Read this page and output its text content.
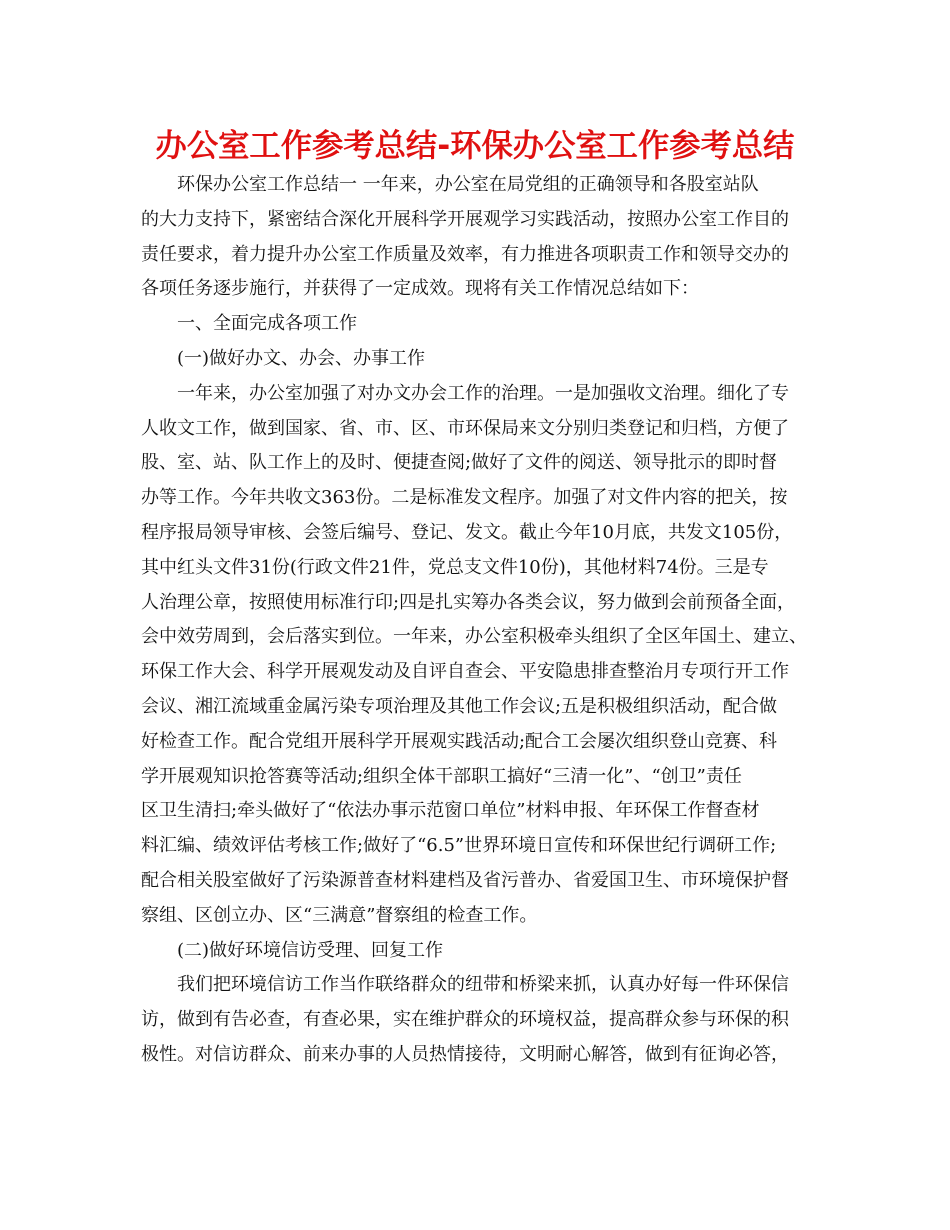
办公室工作参考总结-环保办公室工作参考总结
环保办公室工作总结一 一年来，办公室在局党组的正确领导和各股室站队
的大力支持下，紧密结合深化开展科学开展观学习实践活动，按照办公室工作目的
责任要求，着力提升办公室工作质量及效率，有力推进各项职责工作和领导交办的
各项任务逐步施行，并获得了一定成效。现将有关工作情况总结如下：
一、全面完成各项工作
(一)做好办文、办会、办事工作
一年来，办公室加强了对办文办会工作的治理。一是加强收文治理。细化了专
人收文工作，做到国家、省、市、区、市环保局来文分别归类登记和归档，方便了
股、室、站、队工作上的及时、便捷查阅;做好了文件的阅送、领导批示的即时督
办等工作。今年共收文363份。二是标准发文程序。加强了对文件内容的把关，按
程序报局领导审核、会签后编号、登记、发文。截止今年10月底，共发文105份，
其中红头文件31份(行政文件21件，党总支文件10份)，其他材料74份。三是专
人治理公章，按照使用标准行印;四是扎实筹办各类会议，努力做到会前预备全面，
会中效劳周到，会后落实到位。一年来，办公室积极牵头组织了全区年国土、建立、
环保工作大会、科学开展观发动及自评自查会、平安隐患排查整治月专项行开工作
会议、湘江流域重金属污染专项治理及其他工作会议;五是积极组织活动，配合做
好检查工作。配合党组开展科学开展观实践活动;配合工会屡次组织登山竞赛、科
学开展观知识抢答赛等活动;组织全体干部职工搞好“三清一化”、“创卫”责任
区卫生清扫;牵头做好了“依法办事示范窗口单位”材料申报、年环保工作督查材
料汇编、绩效评估考核工作;做好了“6.5”世界环境日宣传和环保世纪行调研工作;
配合相关股室做好了污染源普查材料建档及省污普办、省爱国卫生、市环境保护督
察组、区创立办、区“三满意”督察组的检查工作。
(二)做好环境信访受理、回复工作
我们把环境信访工作当作联络群众的纽带和桥梁来抓，认真办好每一件环保信
访，做到有告必查，有查必果，实在维护群众的环境权益，提高群众参与环保的积
极性。对信访群众、前来办事的人员热情接待，文明耐心解答，做到有征询必答，
